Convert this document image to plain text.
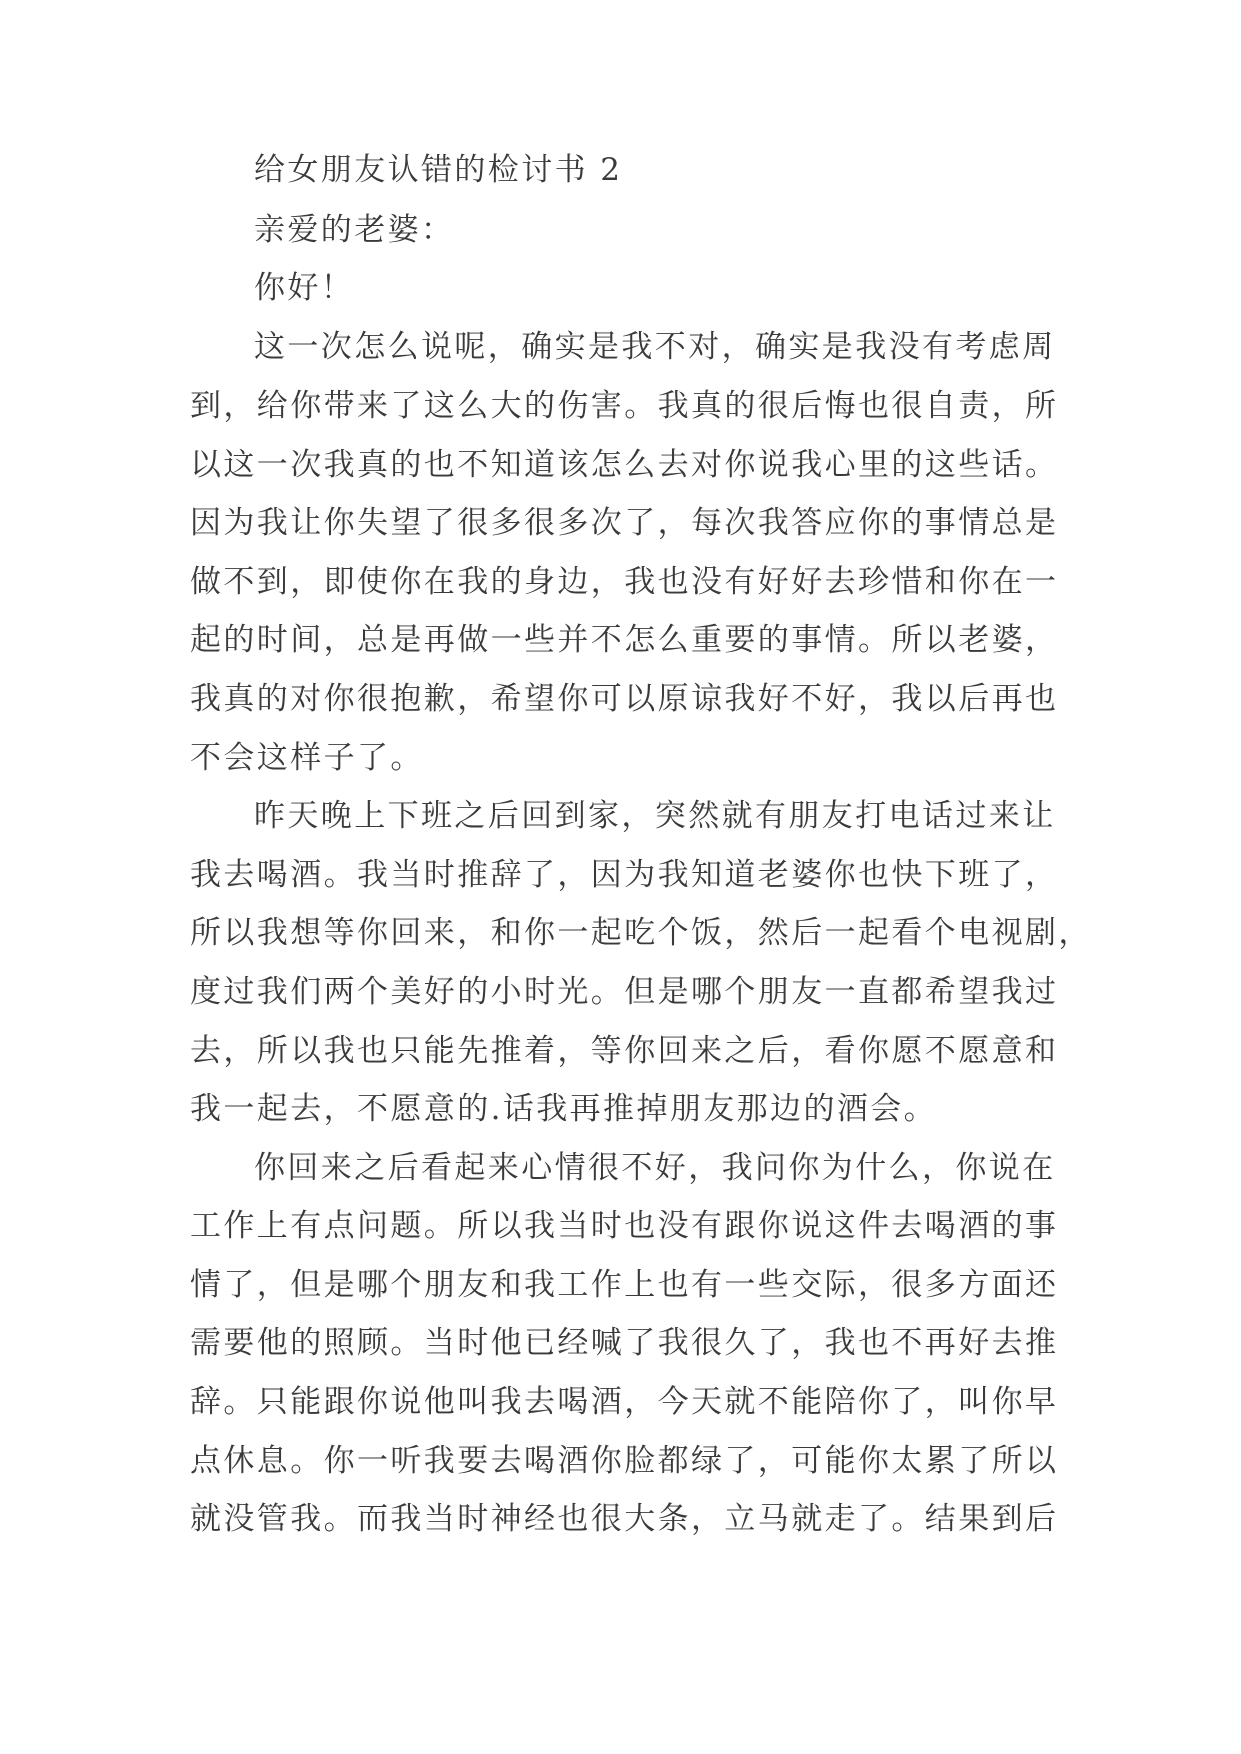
给女朋友认错的检讨书 2
亲爱的老婆：
你好！
这一次怎么说呢，确实是我不对，确实是我没有考虑周
到，给你带来了这么大的伤害。我真的很后悔也很自责，所
以这一次我真的也不知道该怎么去对你说我心里的这些话。
因为我让你失望了很多很多次了，每次我答应你的事情总是
做不到，即使你在我的身边，我也没有好好去珍惜和你在一
起的时间，总是再做一些并不怎么重要的事情。所以老婆，
我真的对你很抱歉，希望你可以原谅我好不好，我以后再也
不会这样子了。
昨天晚上下班之后回到家，突然就有朋友打电话过来让
我去喝酒。我当时推辞了，因为我知道老婆你也快下班了，
所以我想等你回来，和你一起吃个饭，然后一起看个电视剧，
度过我们两个美好的小时光。但是哪个朋友一直都希望我过
去，所以我也只能先推着，等你回来之后，看你愿不愿意和
我一起去，不愿意的.话我再推掉朋友那边的酒会。
你回来之后看起来心情很不好，我问你为什么，你说在
工作上有点问题。所以我当时也没有跟你说这件去喝酒的事
情了，但是哪个朋友和我工作上也有一些交际，很多方面还
需要他的照顾。当时他已经喊了我很久了，我也不再好去推
辞。只能跟你说他叫我去喝酒，今天就不能陪你了，叫你早
点休息。你一听我要去喝酒你脸都绿了，可能你太累了所以
就没管我。而我当时神经也很大条，立马就走了。结果到后
